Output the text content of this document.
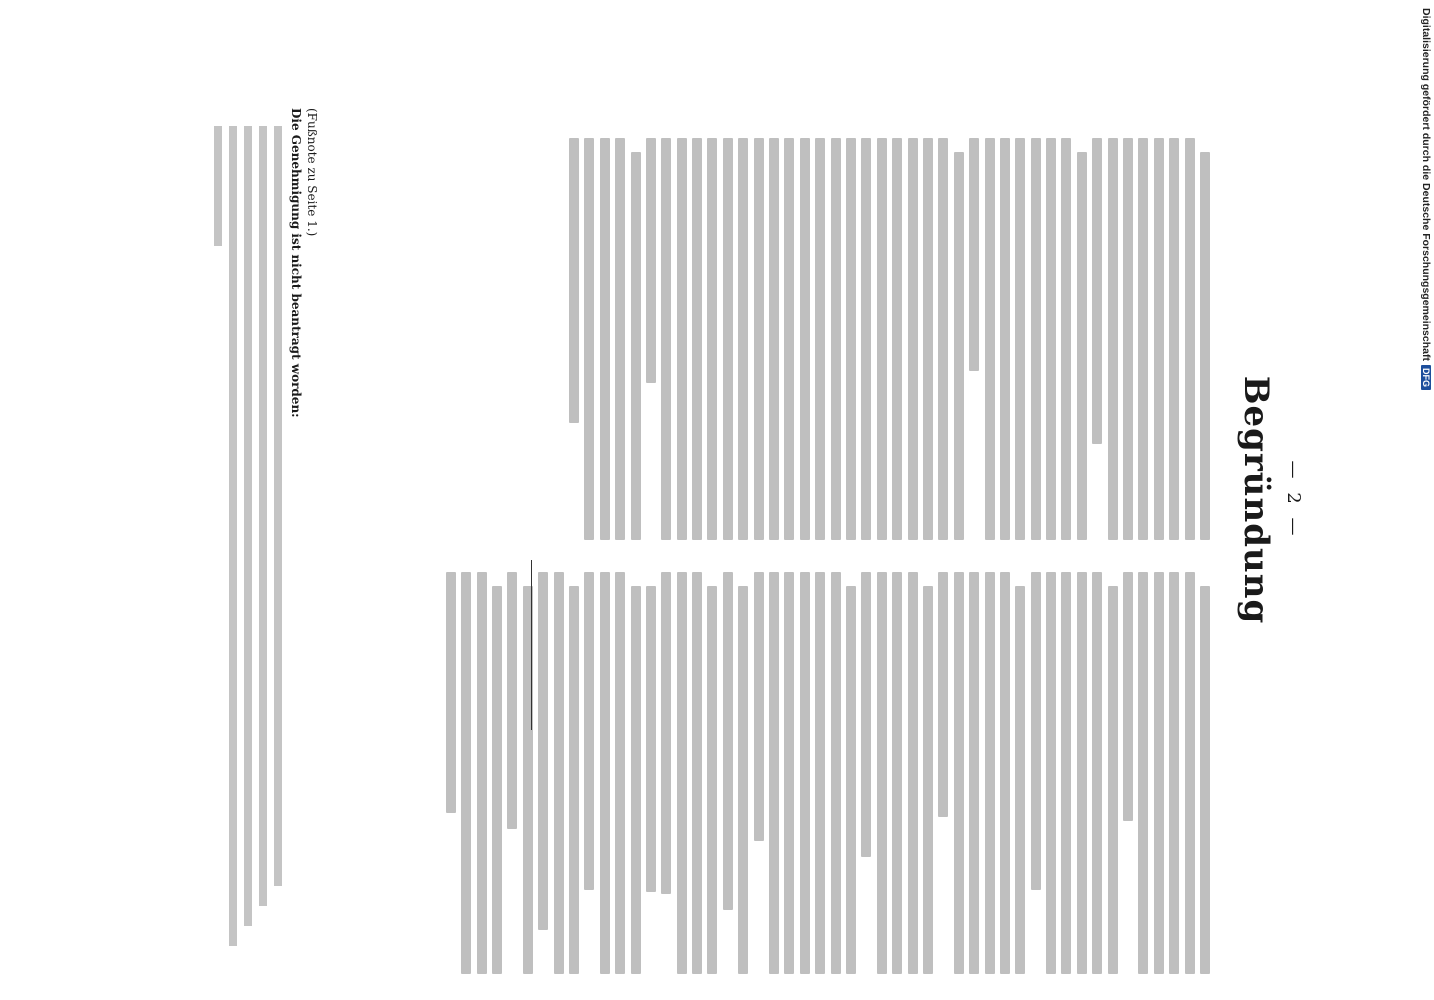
— 2 —
Begründung
(Fußnote zu Seite 1.)
Die Genehmigung ist nicht beantragt worden:	Digitalisierung gefördert durch die Deutsche Forschungsgemeinschaft
DFG
